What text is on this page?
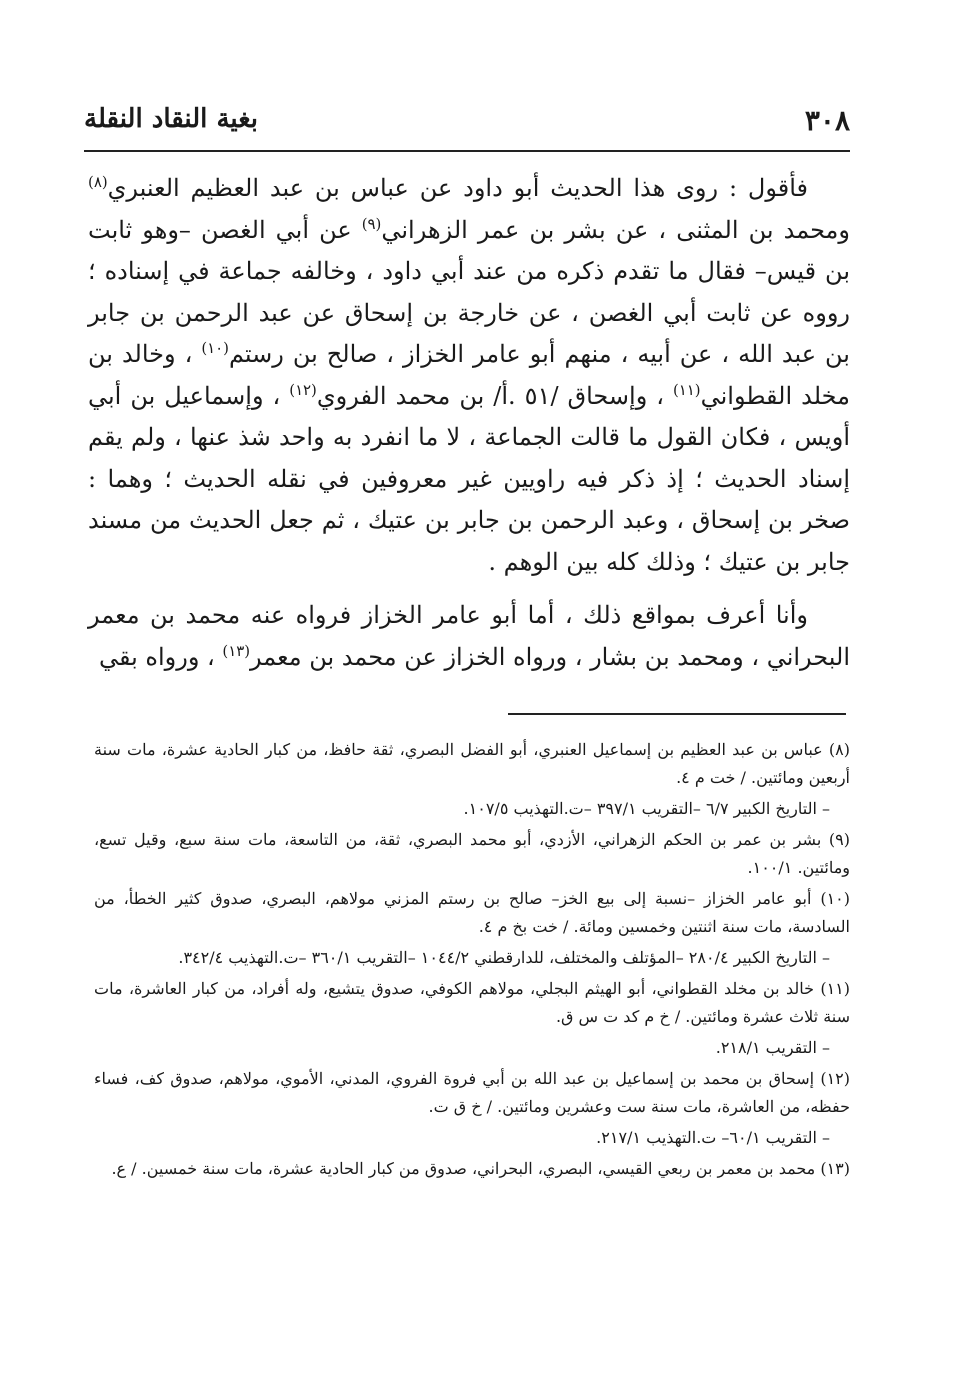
٣٠٨
بغية النقاد النقلة

فأقول : روى هذا الحديث أبو داود عن عباس بن عبد العظيم العنبري$^{(٨)}$ ومحمد بن المثنى ، عن بشر بن عمر الزهراني$^{(٩)}$ عن أبي الغصن –وهو ثابت بن قيس– فقال ما تقدم ذكره من عند أبي داود ، وخالفه جماعة في إسناده ؛ رووه عن ثابت أبي الغصن ، عن خارجة بن إسحاق عن عبد الرحمن بن جابر بن عبد الله ، عن أبيه ، منهم أبو عامر الخزاز ، صالح بن رستم$^{(١٠)}$ ، وخالد بن مخلد القطواني$^{(١١)}$ ، وإسحاق /٥١ .أ/ بن محمد الفروي$^{(١٢)}$ ، وإسماعيل بن أبي أويس ، فكان القول ما قالت الجماعة ، لا ما انفرد به واحد شذ عنها ، ولم يقم إسناد الحديث ؛ إذ ذكر فيه راويين غير معروفين في نقله الحديث ؛ وهما : صخر بن إسحاق ، وعبد الرحمن بن جابر بن عتيك ، ثم جعل الحديث من مسند جابر بن عتيك ؛ وذلك كله بين الوهم .

وأنا أعرف بمواقع ذلك ، أما أبو عامر الخزاز فرواه عنه محمد بن معمر البحراني ، ومحمد بن بشار ، ورواه الخزاز عن محمد بن معمر$^{(١٣)}$ ، ورواه بقي

(٨) عباس بن عبد العظيم بن إسماعيل العنبري، أبو الفضل البصري، ثقة حافظ، من كبار الحادية عشرة، مات سنة أربعين ومائتين. / خت م ٤.

– التاريخ الكبير ٦/٧ –التقريب ٣٩٧/١ –ت.التهذيب ١٠٧/٥.

(٩) بشر بن عمر بن الحكم الزهراني، الأزدي، أبو محمد البصري، ثقة، من التاسعة، مات سنة سبع، وقيل تسع، ومائتين. ١٠٠/١.

(١٠) أبو عامر الخزاز –نسبة إلى بيع الخز– صالح بن رستم المزني مولاهم، البصري، صدوق كثير الخطأ، من السادسة، مات سنة اثنتين وخمسين ومائة. / خت بخ م ٤.

– التاريخ الكبير ٢٨٠/٤ –المؤتلف والمختلف، للدارقطني ١٠٤٤/٢ –التقريب ٣٦٠/١ –ت.التهذيب ٣٤٢/٤.

(١١) خالد بن مخلد القطواني، أبو الهيثم البجلي، مولاهم الكوفي، صدوق يتشيع، وله أفراد، من كبار العاشرة، مات سنة ثلاث عشرة ومائتين. / خ م كد ت س ق.

– التقريب ٢١٨/١.

(١٢) إسحاق بن محمد بن إسماعيل بن عبد الله بن أبي فروة الفروي، المدني، الأموي، مولاهم، صدوق كف، فساء حفظه، من العاشرة، مات سنة ست وعشرين ومائتين. / خ ق ت.

– التقريب ٦٠/١– ت.التهذيب ٢١٧/١.

(١٣) محمد بن معمر بن ربعي القيسي، البصري، البحراني، صدوق من كبار الحادية عشرة، مات سنة خمسين. / ع.
